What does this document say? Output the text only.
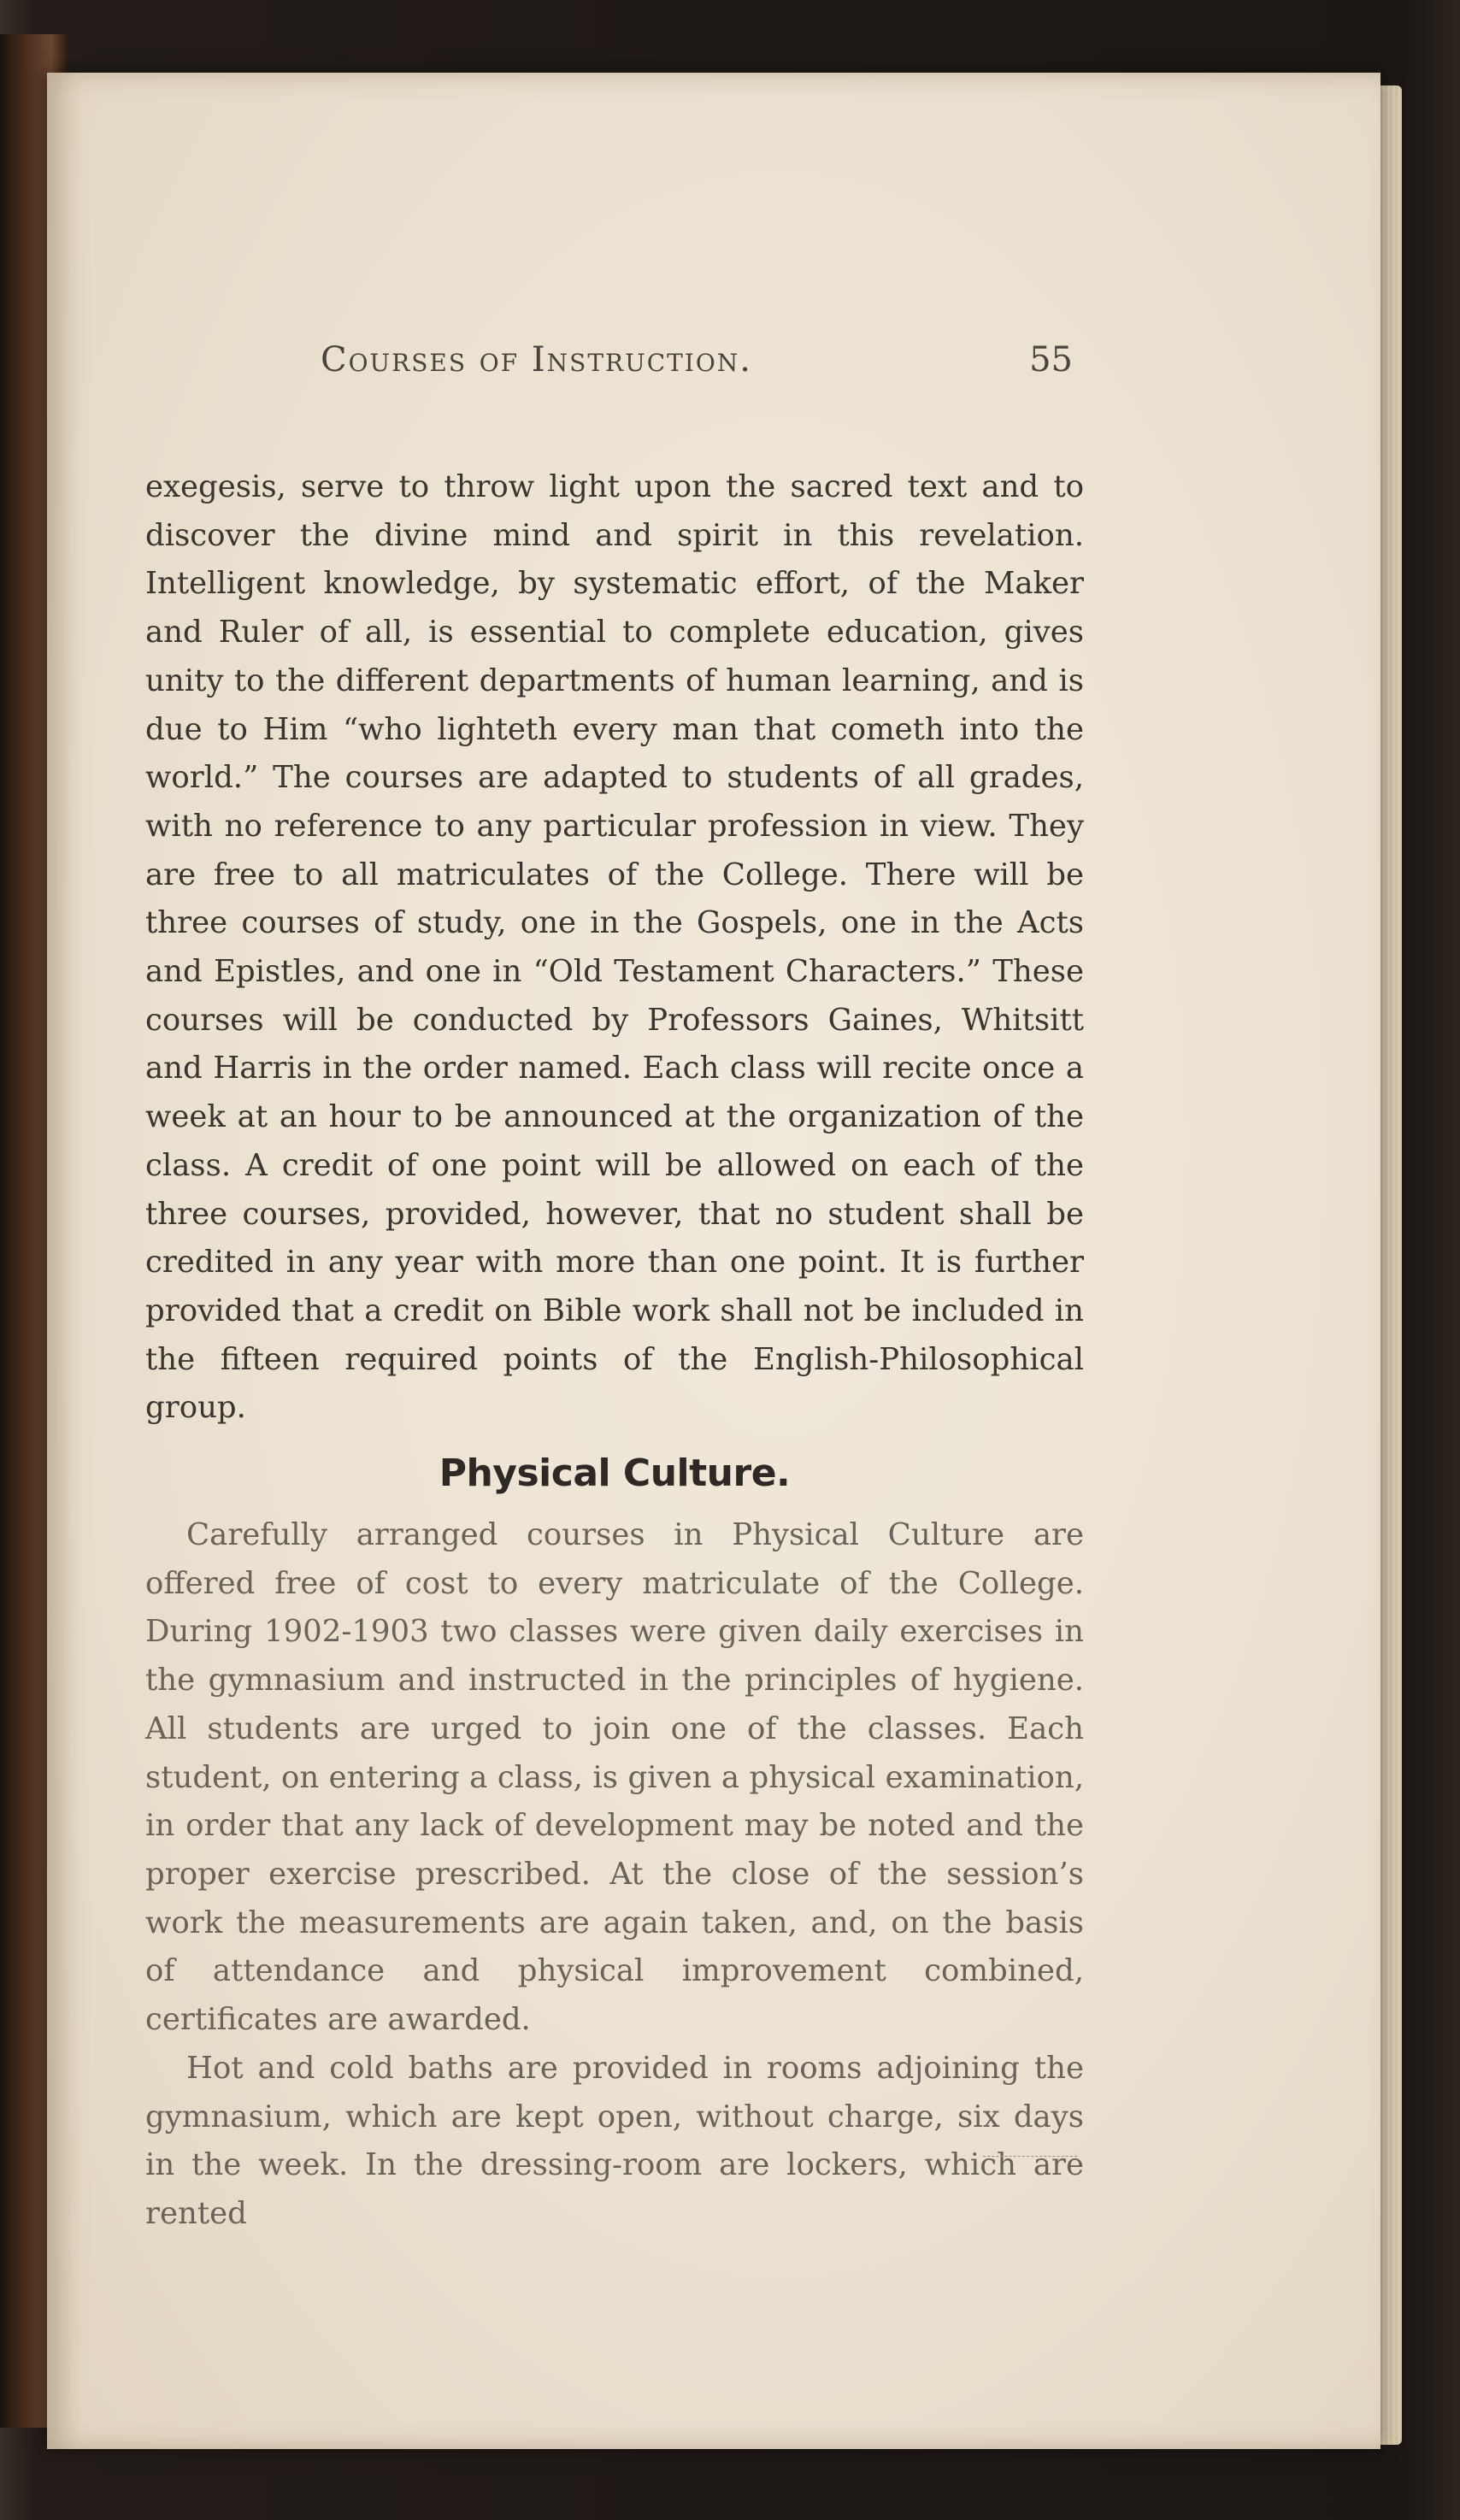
Courses of Instruction.	55

exegesis, serve to throw light upon the sacred text and to discover the divine mind and spirit in this revelation. Intelligent knowledge, by systematic effort, of the Maker and Ruler of all, is essential to complete education, gives unity to the different departments of human learning, and is due to Him “who lighteth every man that cometh into the world.” The courses are adapted to students of all grades, with no reference to any particular profession in view. They are free to all matriculates of the College. There will be three courses of study, one in the Gospels, one in the Acts and Epistles, and one in “Old Testament Characters.” These courses will be conducted by Professors Gaines, Whitsitt and Harris in the order named. Each class will recite once a week at an hour to be announced at the organization of the class. A credit of one point will be allowed on each of the three courses, provided, however, that no student shall be credited in any year with more than one point. It is further provided that a credit on Bible work shall not be included in the fifteen required points of the English-Philosophical group.

Physical Culture.

Carefully arranged courses in Physical Culture are offered free of cost to every matriculate of the College. During 1902-1903 two classes were given daily exercises in the gymnasium and instructed in the principles of hygiene. All students are urged to join one of the classes. Each student, on entering a class, is given a physical examination, in order that any lack of development may be noted and the proper exercise prescribed. At the close of the session’s work the measurements are again taken, and, on the basis of attendance and physical improvement combined, certificates are awarded.

Hot and cold baths are provided in rooms adjoining the gymnasium, which are kept open, without charge, six days in the week. In the dressing-room are lockers, which are rented
